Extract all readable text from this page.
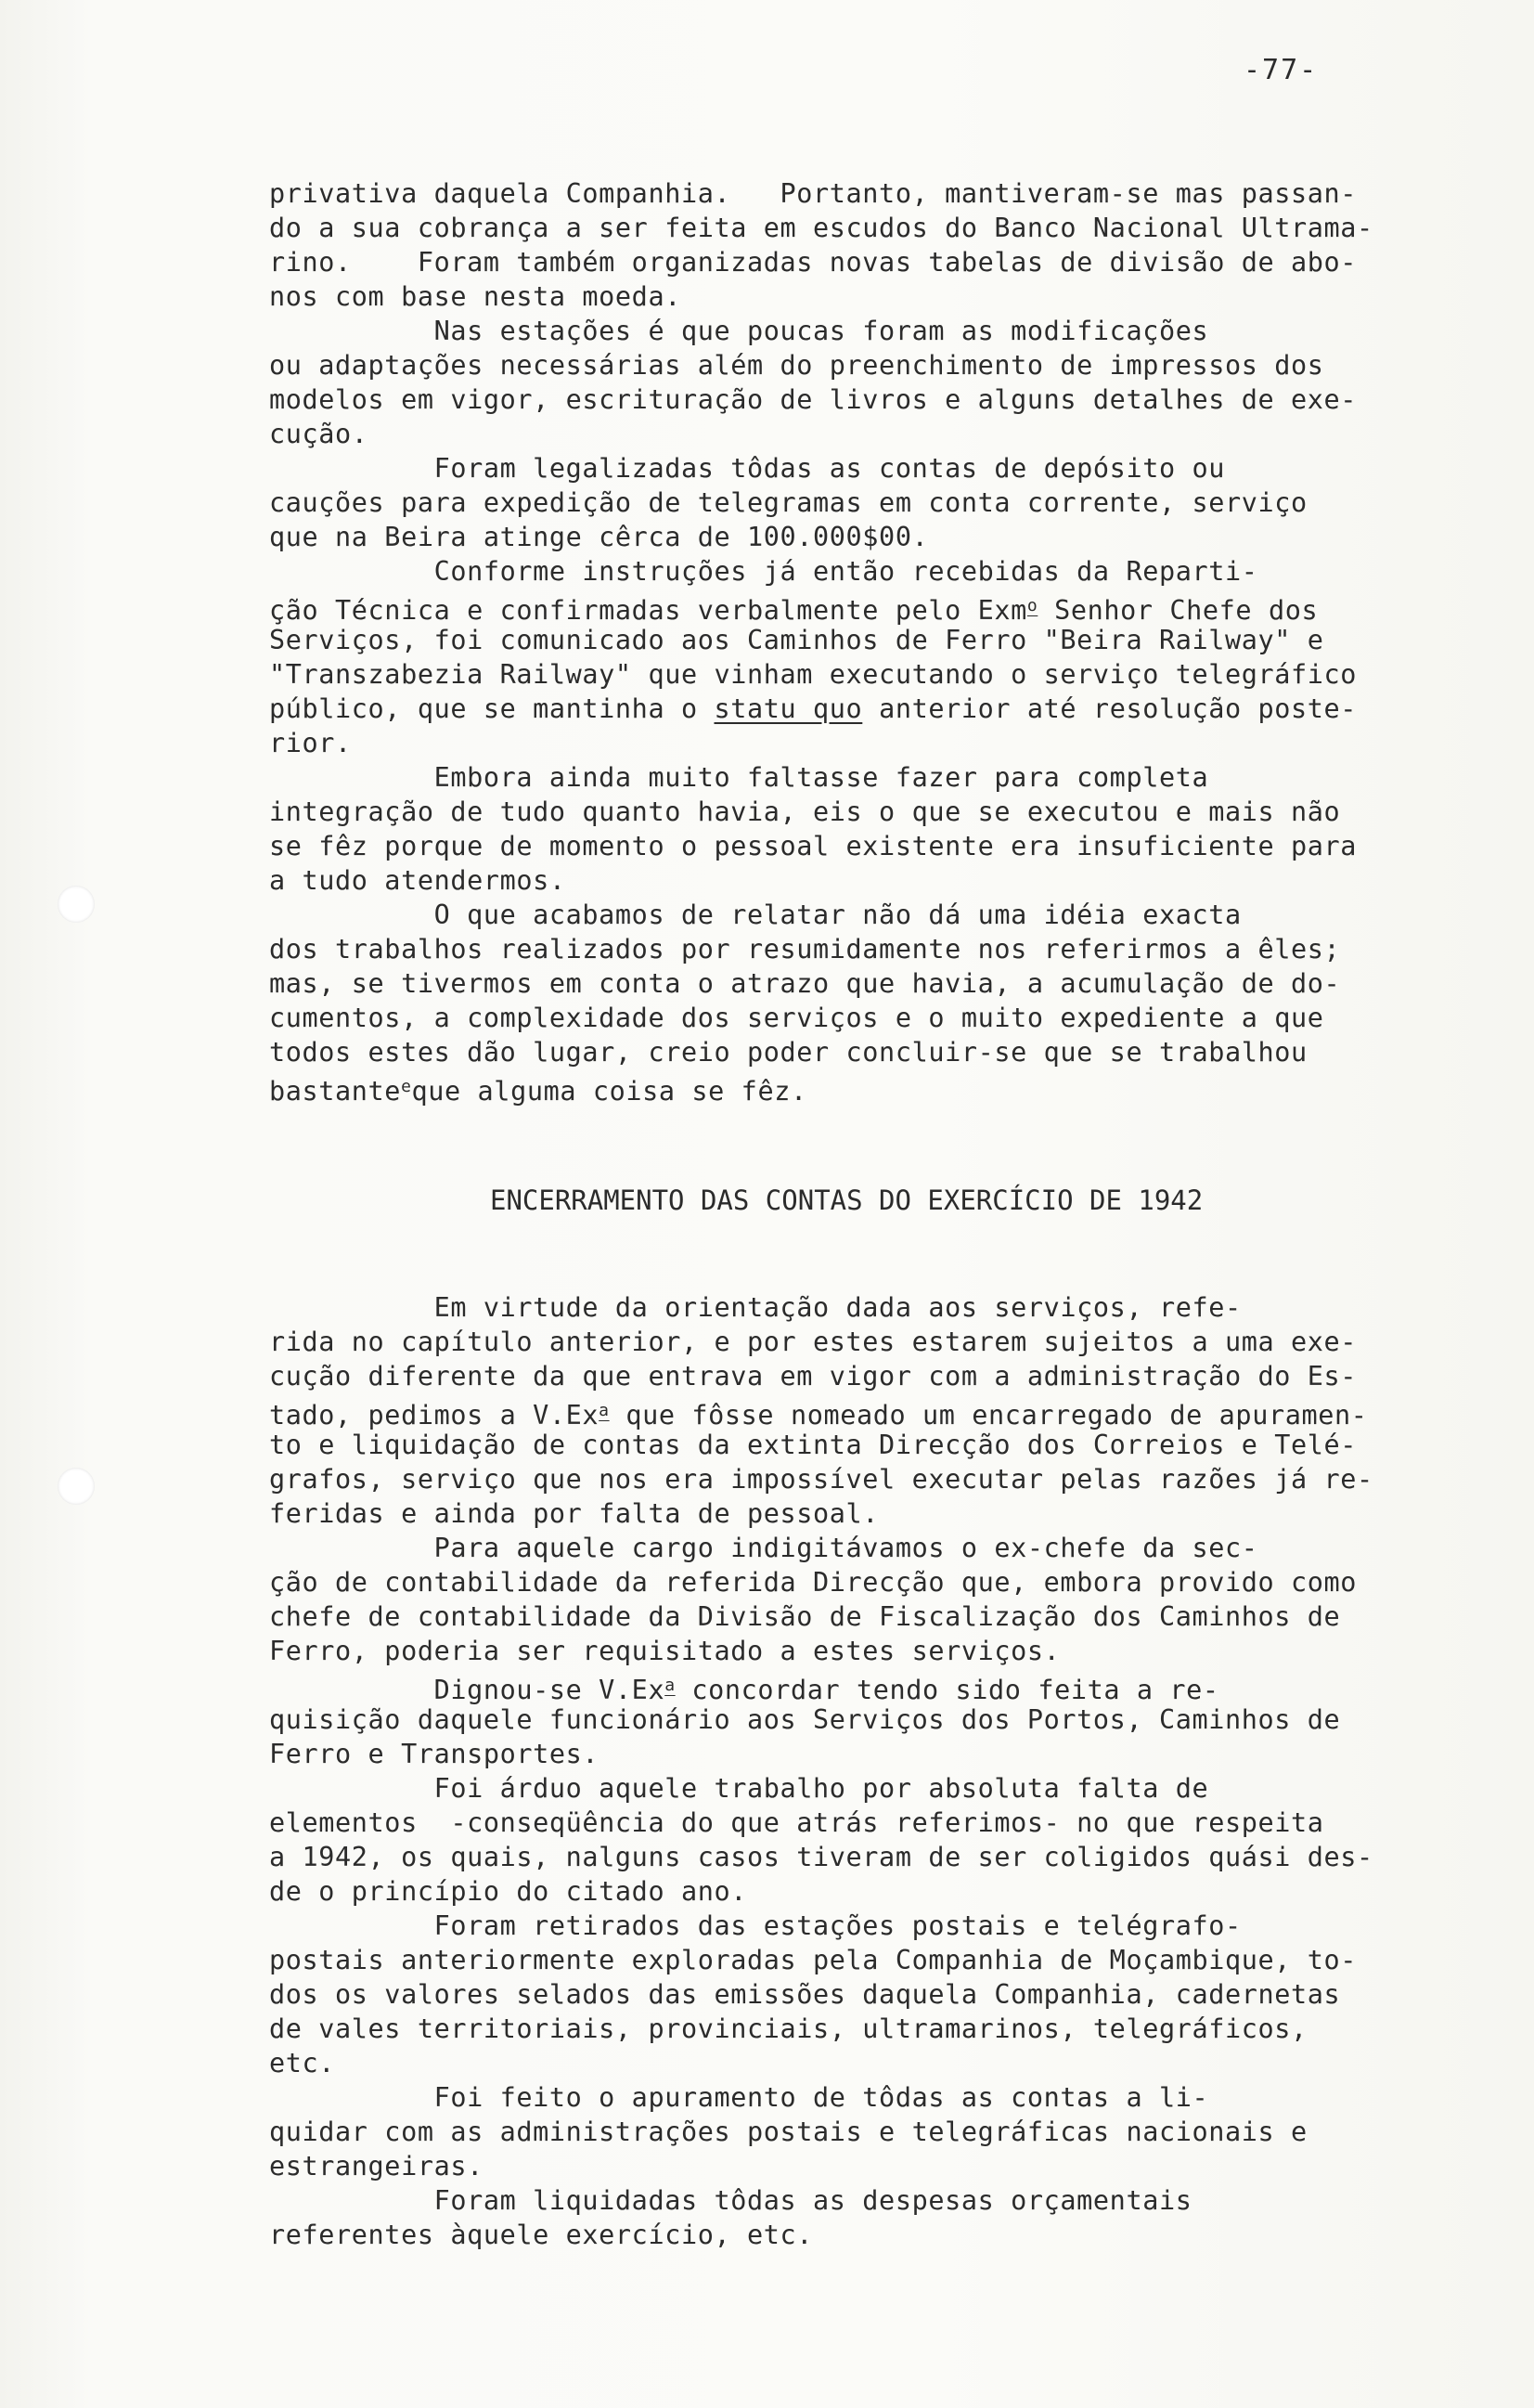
-77-
privativa daquela Companhia.   Portanto, mantiveram-se mas passan-
do a sua cobrança a ser feita em escudos do Banco Nacional Ultrama-
rino.    Foram também organizadas novas tabelas de divisão de abo-
nos com base nesta moeda.
Nas estações é que poucas foram as modificações
ou adaptações necessárias além do preenchimento de impressos dos
modelos em vigor, escrituração de livros e alguns detalhes de exe-
cução.
Foram legalizadas tôdas as contas de depósito ou
cauções para expedição de telegramas em conta corrente, serviço
que na Beira atinge cêrca de 100.000$00.
Conforme instruções já então recebidas da Reparti-
ção Técnica e confirmadas verbalmente pelo Exm$^o$ Senhor Chefe dos
Serviços, foi comunicado aos Caminhos de Ferro "Beira Railway" e
"Transzabezia Railway" que vinham executando o serviço telegráfico
público, que se mantinha o statu quo anterior até resolução poste-
rior.
Embora ainda muito faltasse fazer para completa
integração de tudo quanto havia, eis o que se executou e mais não
se fêz porque de momento o pessoal existente era insuficiente para
a tudo atendermos.
O que acabamos de relatar não dá uma idéia exacta
dos trabalhos realizados por resumidamente nos referirmos a êles;
mas, se tivermos em conta o atrazo que havia, a acumulação de do-
cumentos, a complexidade dos serviços e o muito expediente a que
todos estes dão lugar, creio poder concluir-se que se trabalhou
bastante$^e$que alguma coisa se fêz.
ENCERRAMENTO DAS CONTAS DO EXERCÍCIO DE 1942
Em virtude da orientação dada aos serviços, refe-
rida no capítulo anterior, e por estes estarem sujeitos a uma exe-
cução diferente da que entrava em vigor com a administração do Es-
tado, pedimos a V.Ex$^a$ que fôsse nomeado um encarregado de apuramen-
to e liquidação de contas da extinta Direcção dos Correios e Telé-
grafos, serviço que nos era impossível executar pelas razões já re-
feridas e ainda por falta de pessoal.
Para aquele cargo indigitávamos o ex-chefe da sec-
ção de contabilidade da referida Direcção que, embora provido como
chefe de contabilidade da Divisão de Fiscalização dos Caminhos de
Ferro, poderia ser requisitado a estes serviços.
Dignou-se V.Ex$^a$ concordar tendo sido feita a re-
quisição daquele funcionário aos Serviços dos Portos, Caminhos de
Ferro e Transportes.
Foi árduo aquele trabalho por absoluta falta de
elementos  -conseqüência do que atrás referimos- no que respeita
a 1942, os quais, nalguns casos tiveram de ser coligidos quási des-
de o princípio do citado ano.
Foram retirados das estações postais e telégrafo-
postais anteriormente exploradas pela Companhia de Moçambique, to-
dos os valores selados das emissões daquela Companhia, cadernetas
de vales territoriais, provinciais, ultramarinos, telegráficos,
etc.
Foi feito o apuramento de tôdas as contas a li-
quidar com as administrações postais e telegráficas nacionais e
estrangeiras.
Foram liquidadas tôdas as despesas orçamentais
referentes àquele exercício, etc.
